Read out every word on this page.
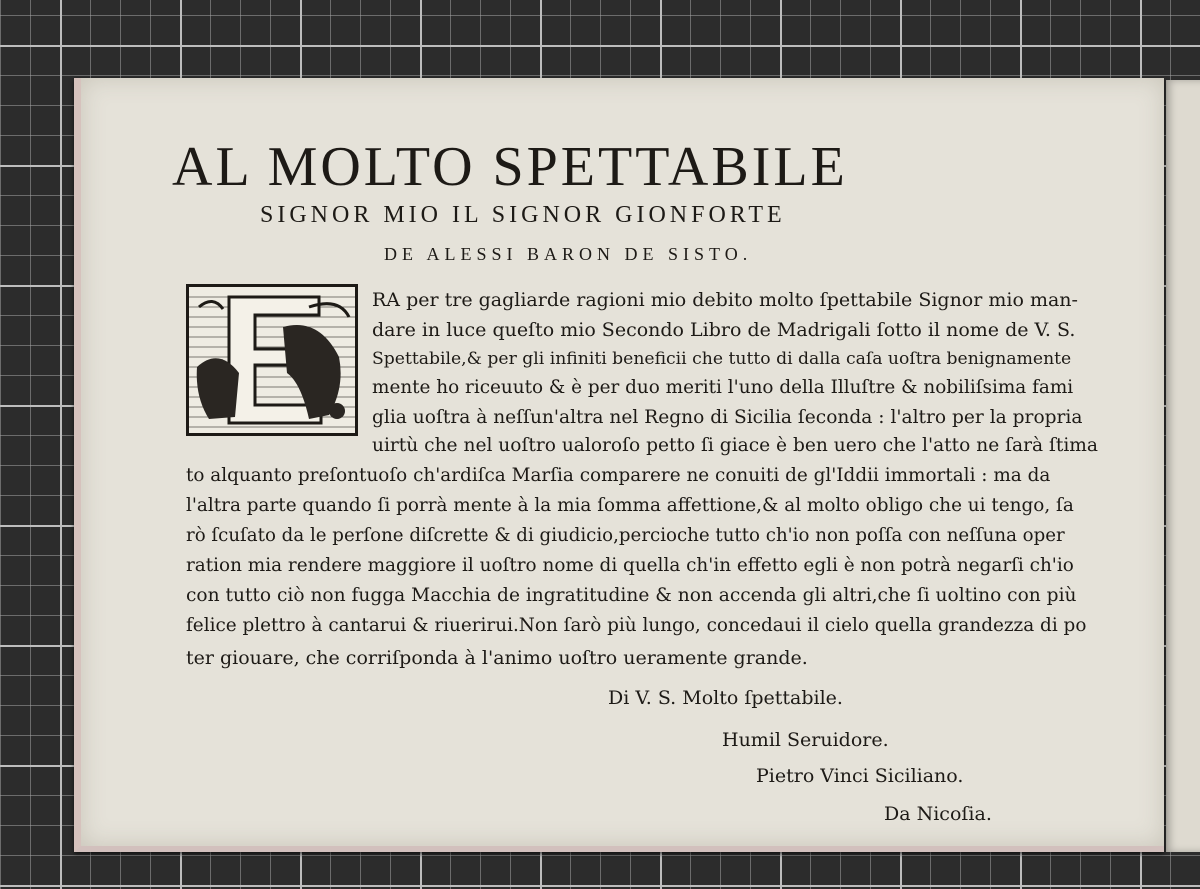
AL MOLTO SPETTABILE
SIGNOR MIO IL SIGNOR GIONFORTE
DE ALESSI BARON DE SISTO.
RA per tre gagliarde ragioni mio debito molto ſpettabile Signor mio man-
dare in luce queſto mio Secondo Libro de Madrigali ſotto il nome de V. S.
Spettabile,& per gli infiniti beneficii che tutto di dalla caſa uoſtra benignamente
mente ho riceuuto & è per duo meriti l'uno della Illuſtre & nobiliſsima fami
glia uoſtra à neſſun'altra nel Regno di Sicilia ſeconda : l'altro per la propria
uirtù che nel uoſtro ualoroſo petto ſi giace è ben uero che l'atto ne ſarà ſtima
to alquanto preſontuoſo ch'ardiſca Marſia comparere ne conuiti de gl'Iddii immortali : ma da
l'altra parte quando ſi porrà mente à la mia ſomma affettione,& al molto obligo che ui tengo, ſa
rò ſcuſato da le perſone diſcrette & di giudicio,percioche tutto ch'io non poſſa con neſſuna oper
ration mia rendere maggiore il uoſtro nome di quella ch'in effetto egli è non potrà negarſi ch'io
con tutto ciò non fugga Macchia de ingratitudine & non accenda gli altri,che ſi uoltino con più
felice plettro à cantarui & riuerirui.Non ſarò più lungo, concedaui il cielo quella grandezza di po
ter giouare, che corriſponda à l'animo uoſtro ueramente grande.
Di V. S. Molto ſpettabile.
Humil Seruidore.
Pietro Vinci Siciliano.
Da Nicoſia.
